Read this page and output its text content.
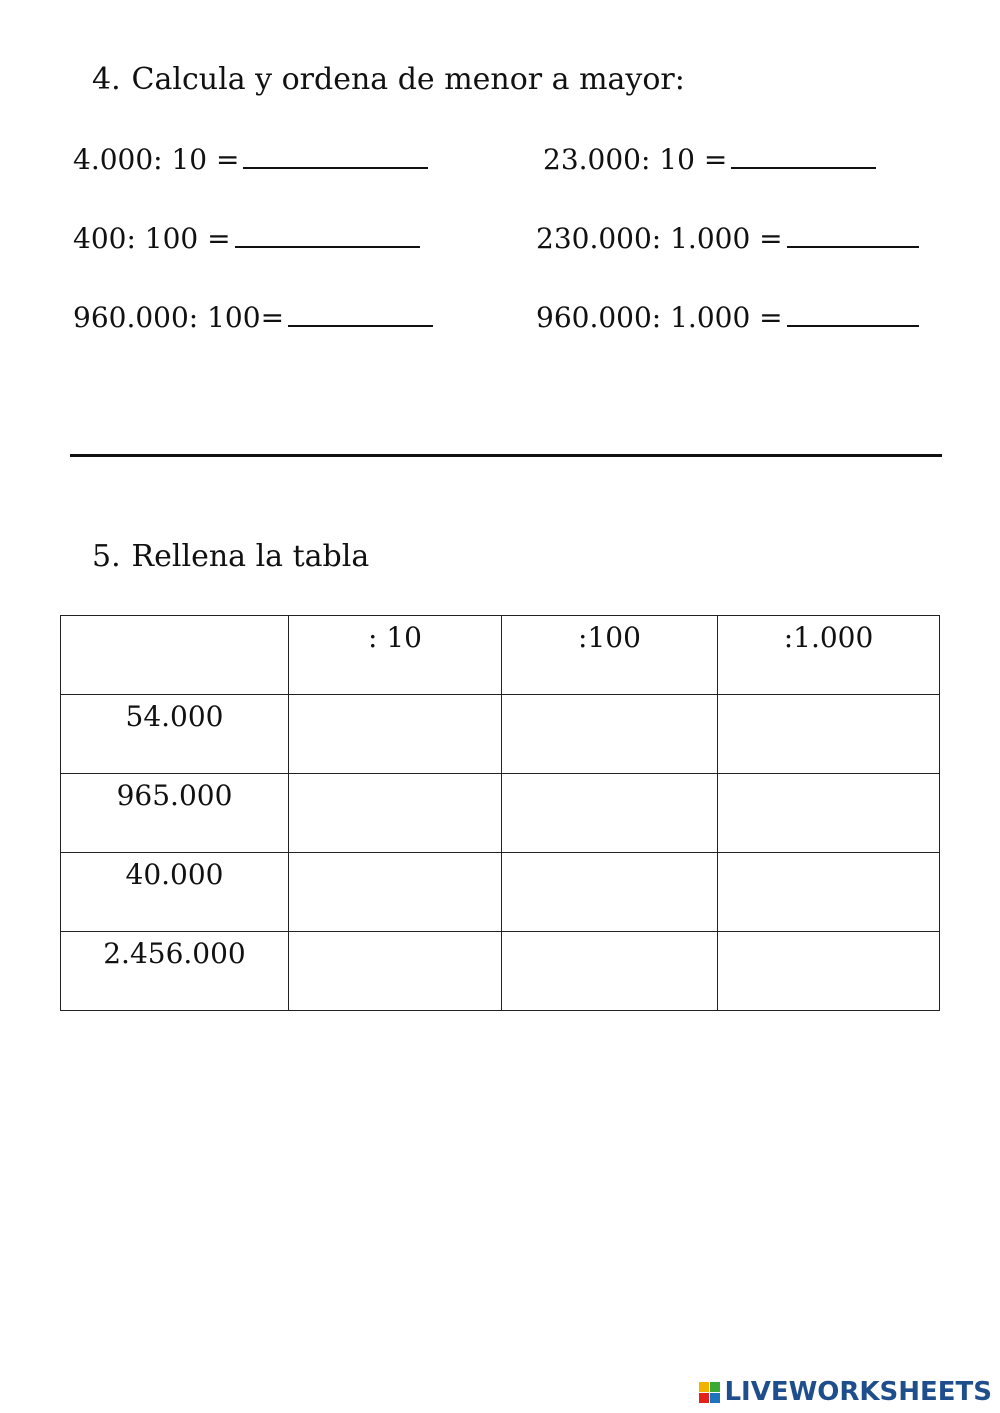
4. Calcula y ordena de menor a mayor:
4.000: 10 =
400: 100 =
960.000: 100=
23.000: 10 =
230.000: 1.000 =
960.000: 1.000 =
5. Rellena la tabla

	: 10	:100	:1.000

54.000			

965.000			

40.000			

2.456.000			

LIVEWORKSHEETS
